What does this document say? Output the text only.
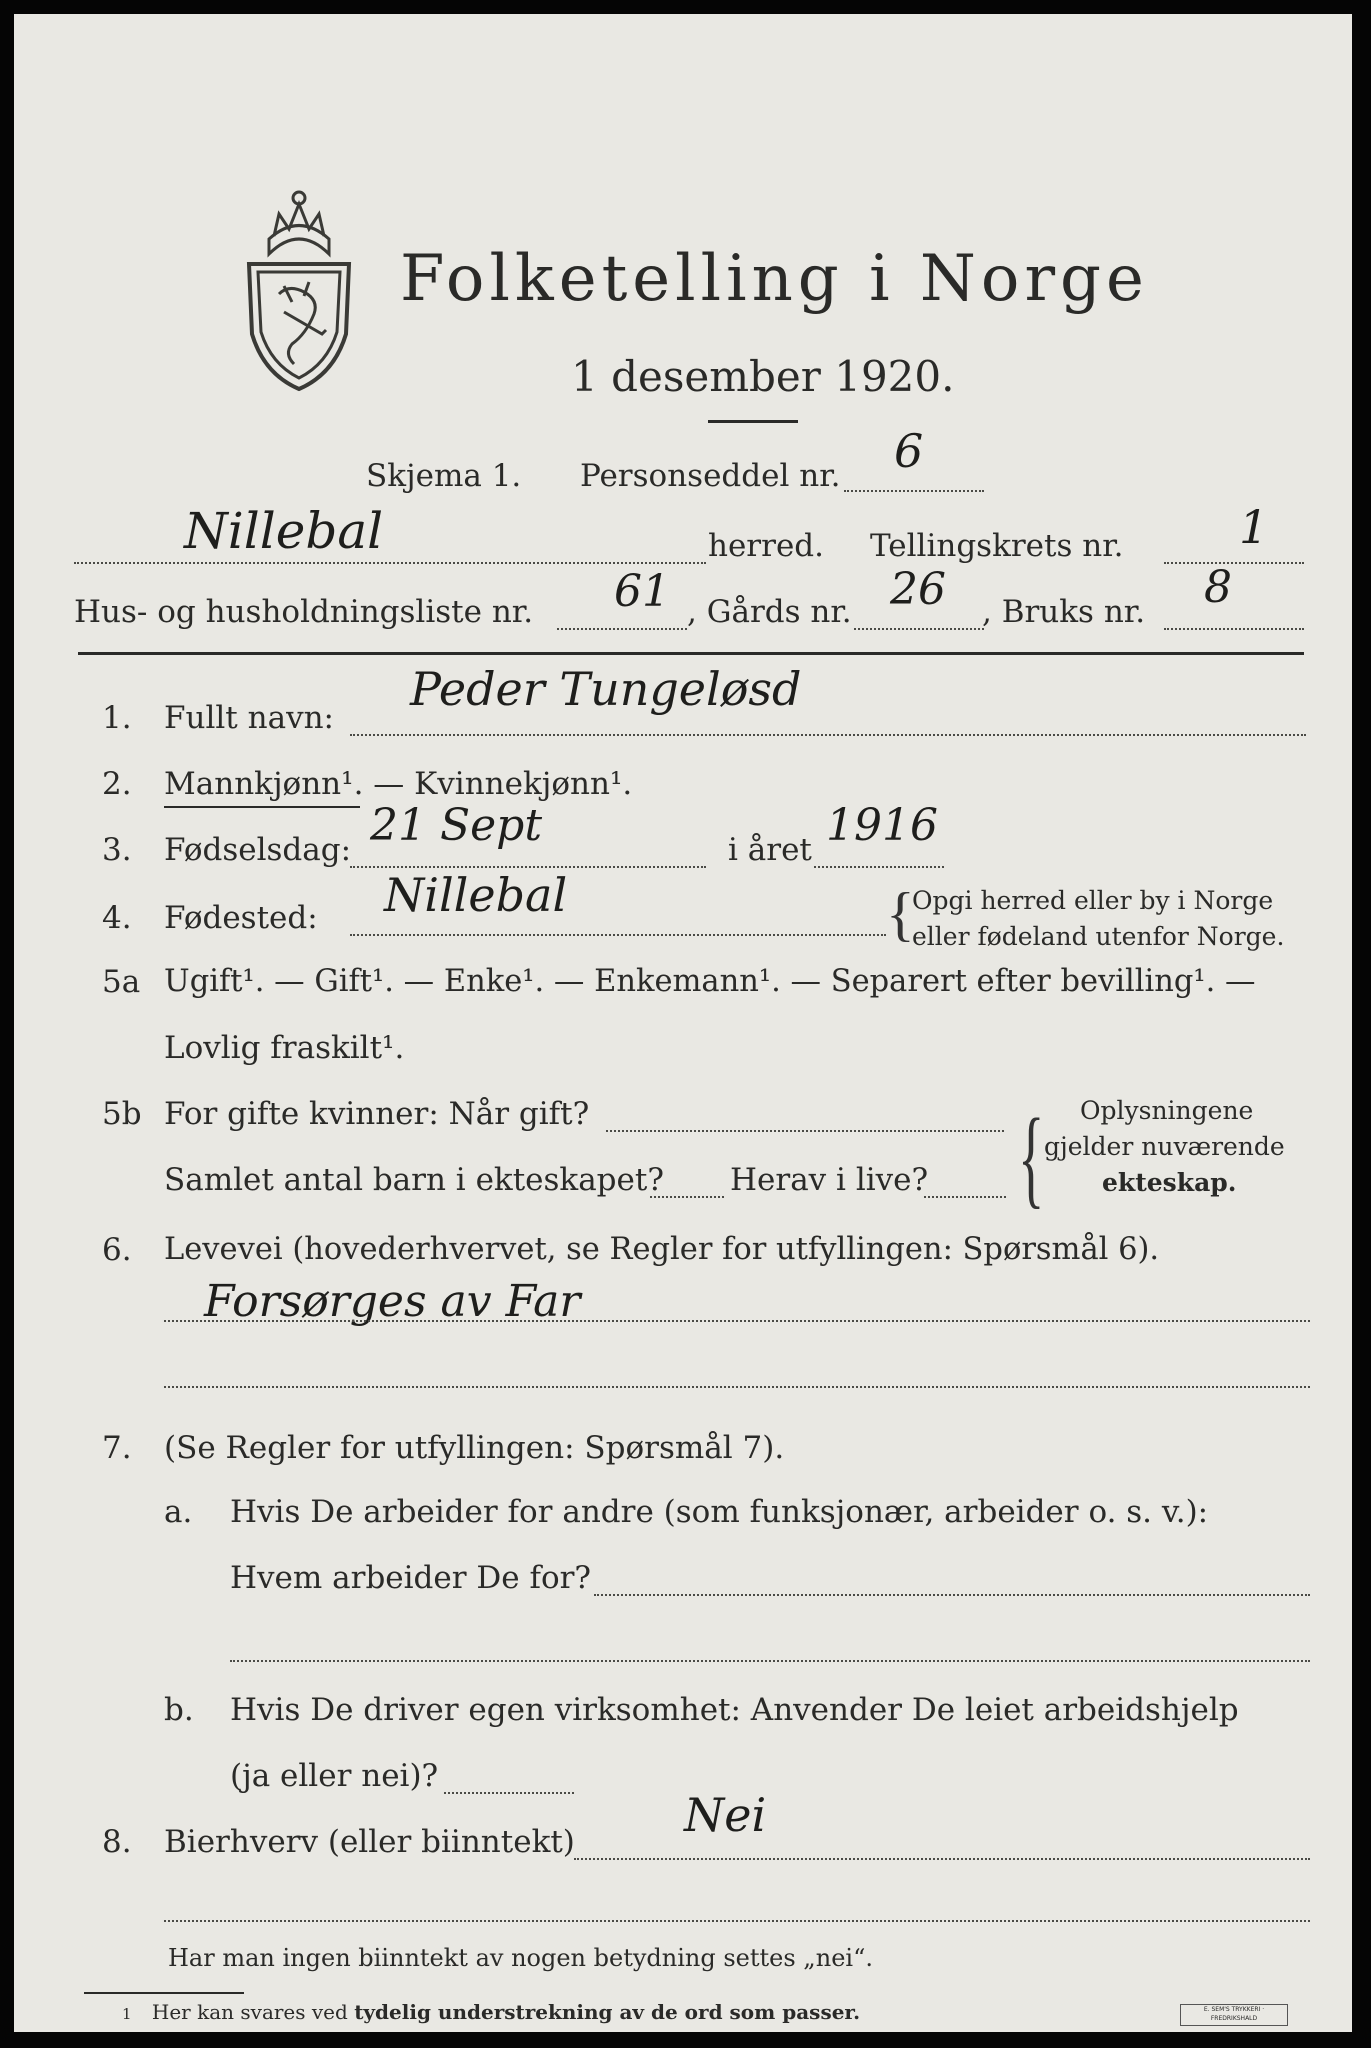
Folketelling i Norge
1 desember 1920.
Skjema 1. Personseddel nr. 6
Nillebal	herred. Tellingskrets nr.	1
Hus- og husholdningsliste nr. 61 , Gårds nr. 26 , Bruks nr. 8
1. Fullt navn:
Peder Tungeløsd
2. Mannkjønn¹. — Kvinnekjønn¹.
3. Fødselsdag: 21 Sept	i året 1916
4. Fødested: Nillebal	{
Opgi herred eller by i Norge
eller fødeland utenfor Norge.
5a Ugift¹. — Gift¹. — Enke¹. — Enkemann¹. — Separert efter bevilling¹. —
Lovlig fraskilt¹.
5b For gifte kvinner: Når gift?
Samlet antal barn i ekteskapet? Herav i live? { Oplysningene
gjelder nuværende
ekteskap.
6. Levevei (hovederhvervet, se Regler for utfyllingen: Spørsmål 6).
Forsørges av Far
7. (Se Regler for utfyllingen: Spørsmål 7).
a. Hvis De arbeider for andre (som funksjonær, arbeider o. s. v.):
Hvem arbeider De for?
b. Hvis De driver egen virksomhet: Anvender De leiet arbeidshjelp
(ja eller nei)?
8. Bierhverv (eller biinntekt) Nei
Har man ingen biinntekt av nogen betydning settes „nei“.
1 Her kan svares ved tydelig understrekning av de ord som passer.	E. SEM'S TRYKKERI · FREDRIKSHALD
